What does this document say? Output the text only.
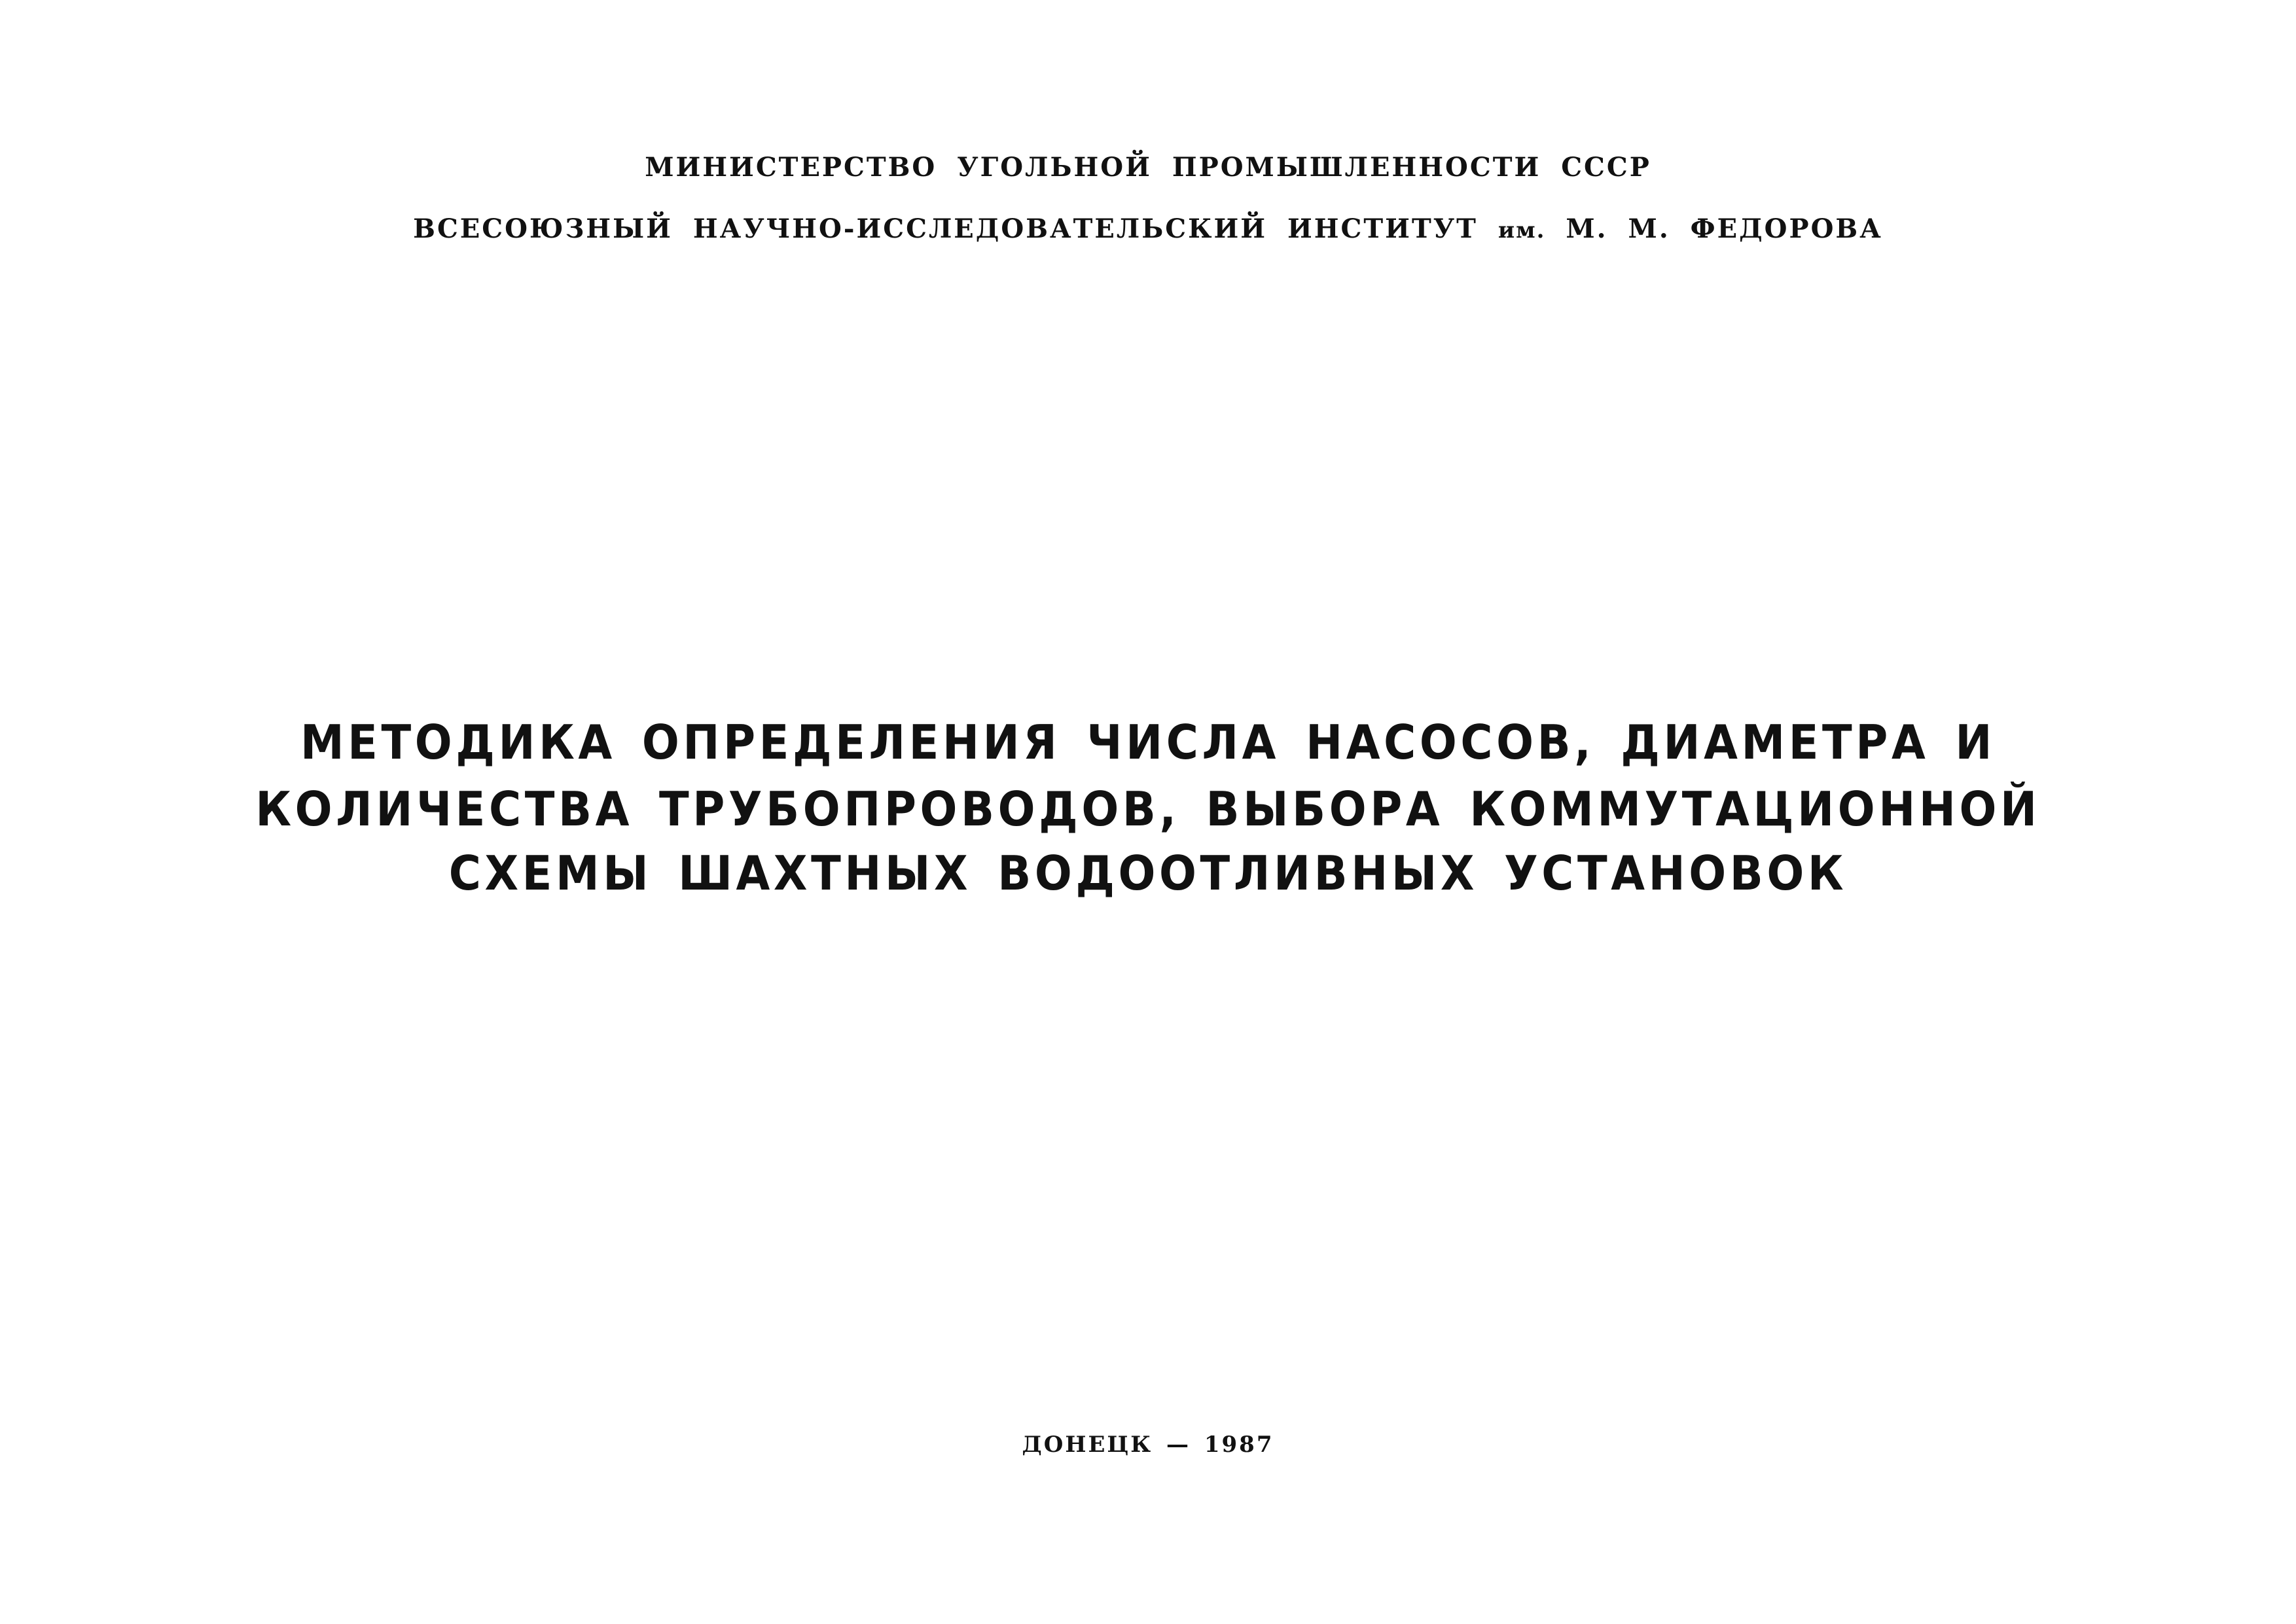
МИНИСТЕРСТВО УГОЛЬНОЙ ПРОМЫШЛЕННОСТИ СССР
ВСЕСОЮЗНЫЙ НАУЧНО-ИССЛЕДОВАТЕЛЬСКИЙ ИНСТИТУТ им. М. М. ФЕДОРОВА
МЕТОДИКА ОПРЕДЕЛЕНИЯ ЧИСЛА НАСОСОВ, ДИАМЕТРА И
КОЛИЧЕСТВА ТРУБОПРОВОДОВ, ВЫБОРА КОММУТАЦИОННОЙ
СХЕМЫ ШАХТНЫХ ВОДООТЛИВНЫХ УСТАНОВОК
ДОНЕЦК — 1987
